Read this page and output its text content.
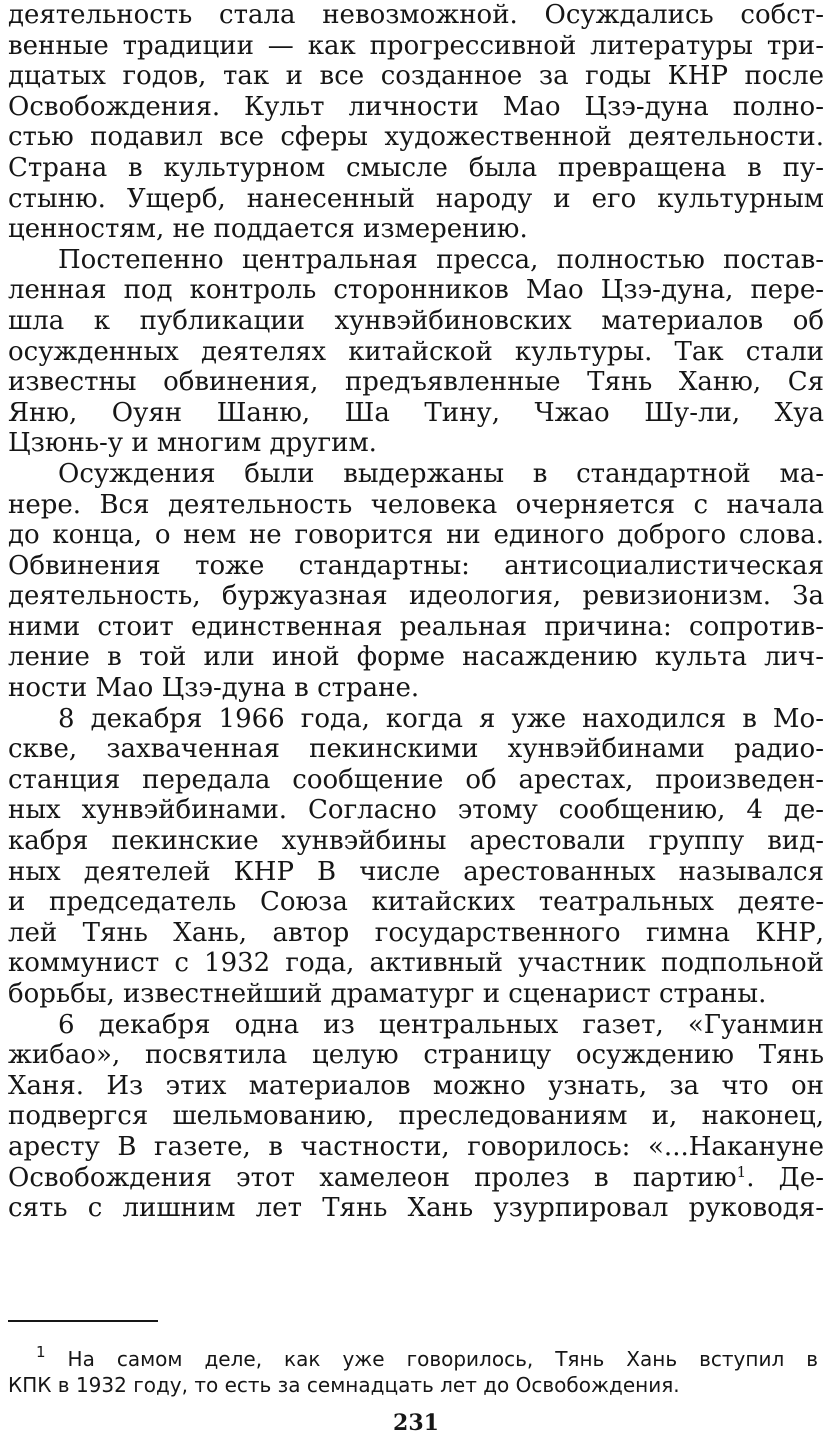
деятельность стала невозможной. Осуждались собст-
венные традиции — как прогрессивной литературы три-
дцатых годов, так и все созданное за годы КНР после
Освобождения. Культ личности Мао Цзэ-дуна полно-
стью подавил все сферы художественной деятельности.
Страна в культурном смысле была превращена в пу-
стыню. Ущерб, нанесенный народу и его культурным
ценностям, не поддается измерению.
Постепенно центральная пресса, полностью постав-
ленная под контроль сторонников Мао Цзэ-дуна, пере-
шла к публикации хунвэйбиновских материалов об
осужденных деятелях китайской культуры. Так стали
известны обвинения, предъявленные Тянь Ханю, Ся
Яню, Оуян Шаню, Ша Тину, Чжао Шу-ли, Хуа
Цзюнь-у и многим другим.
Осуждения были выдержаны в стандартной ма-
нере. Вся деятельность человека очерняется с начала
до конца, о нем не говорится ни единого доброго слова.
Обвинения тоже стандартны: антисоциалистическая
деятельность, буржуазная идеология, ревизионизм. За
ними стоит единственная реальная причина: сопротив-
ление в той или иной форме насаждению культа лич-
ности Мао Цзэ-дуна в стране.
8 декабря 1966 года, когда я уже находился в Мо-
скве, захваченная пекинскими хунвэйбинами радио-
станция передала сообщение об арестах, произведен-
ных хунвэйбинами. Согласно этому сообщению, 4 де-
кабря пекинские хунвэйбины арестовали группу вид-
ных деятелей КНР В числе арестованных назывался
и председатель Союза китайских театральных деяте-
лей Тянь Хань, автор государственного гимна КНР,
коммунист с 1932 года, активный участник подпольной
борьбы, известнейший драматург и сценарист страны.
6 декабря одна из центральных газет, «Гуанмин
жибао», посвятила целую страницу осуждению Тянь
Ханя. Из этих материалов можно узнать, за что он
подвергся шельмованию, преследованиям и, наконец,
аресту В газете, в частности, говорилось: «...Накануне
Освобождения этот хамелеон пролез в партию$^1$. Де-
сять с лишним лет Тянь Хань узурпировал руководя-
$^1$ На самом деле, как уже говорилось, Тянь Хань вступил в
КПК в 1932 году, то есть за семнадцать лет до Освобождения.
231
